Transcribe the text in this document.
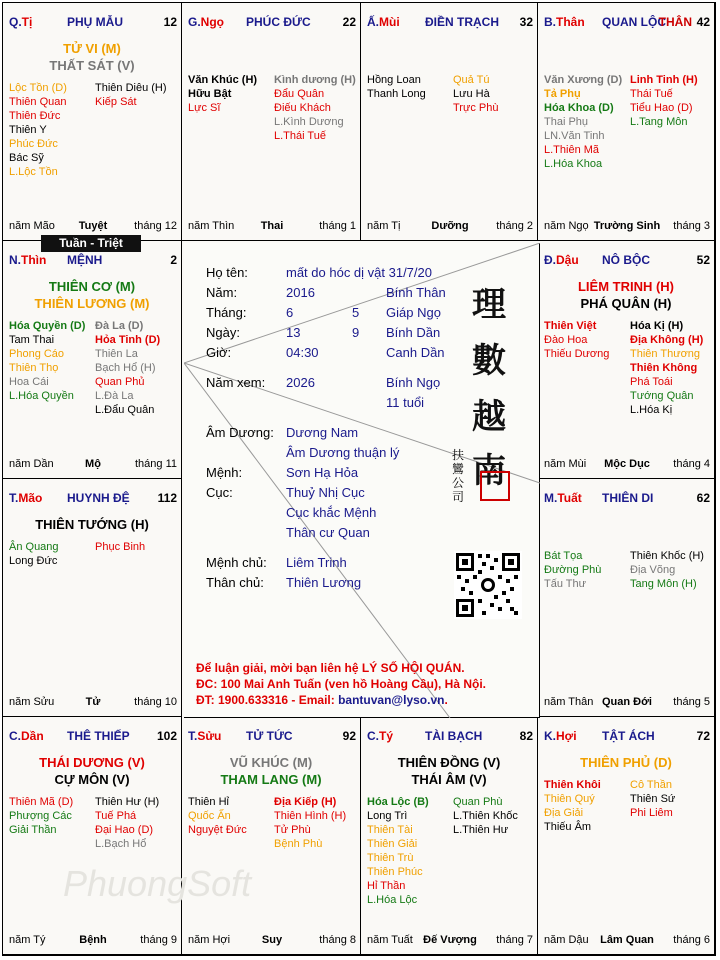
Q.Tị	PHỤ MẪU	12
TỬ VI (M)
THẤT SÁT (V)
Lộc Tồn (D)
Thiên Quan
Thiên Đức
Thiên Y
Phúc Đức
Bác Sỹ
L.Lộc Tồn
Thiên Diêu (H)
Kiếp Sát
năm Mão	Tuyệt	tháng 12
G.Ngọ PHÚC ĐỨC	22
Văn Khúc (H)
Hữu Bật
Lực Sĩ
Kình dương (H)
Đẩu Quân
Điếu Khách
L.Kình Dương
L.Thái Tuế
năm Thìn	Thai	tháng 1
Ấ.Mùi ĐIỀN TRẠCH 32
Hồng Loan
Thanh Long
Quả Tú
Lưu Hà
Trực Phù
năm Tị	Dưỡng	tháng 2
B.Thân QUAN LỘC
THÂN 42
Văn Xương (D)
Tả Phụ
Hóa Khoa (D)
Thai Phụ
LN.Văn Tinh
L.Thiên Mã
L.Hóa Khoa
Linh Tinh (H)
Thái Tuế
Tiểu Hao (D)
L.Tang Môn
năm Ngọ Trường Sinh	tháng 3
N.Thìn MỆNH	2
THIÊN CƠ (M)
THIÊN LƯƠNG (M)
Hóa Quyền (D)
Tam Thai
Phong Cáo
Thiên Thọ
Hoa Cái
L.Hóa Quyền
Đà La (D)
Hỏa Tinh (D)
Thiên La
Bạch Hổ (H)
Quan Phủ
L.Đà La
L.Đẩu Quân
năm Dần	Mộ	tháng 11
Đ.Dậu NÔ BỘC	52
LIÊM TRINH (H)
PHÁ QUÂN (H)
Thiên Việt
Đào Hoa
Thiếu Dương
Hóa Kị (H)
Địa Không (H)
Thiên Thương
Thiên Không
Phá Toái
Tướng Quân
L.Hóa Kị
năm Mùi	Mộc Dục	tháng 4
T.Mão HUYNH ĐỆ 112
THIÊN TƯỚNG (H)
Ân Quang
Long Đức
Phục Binh
năm Sửu	Tử	tháng 10
M.Tuất THIÊN DI	62
Bát Tọa
Đường Phù
Tấu Thư
Thiên Khốc (H)
Địa Võng
Tang Môn (H)
năm Thân Quan Đới	tháng 5
C.Dần THÊ THIẾP 102
THÁI DƯƠNG (V)
CỰ MÔN (V)
Thiên Mã (D)
Phượng Các
Giải Thần
Thiên Hư (H)
Tuế Phá
Đại Hao (D)
L.Bạch Hổ
năm Tý	Bệnh	tháng 9
T.Sửu TỬ TỨC	92
VŨ KHÚC (M)
THAM LANG (M)
Thiên Hỉ
Quốc Ấn
Nguyệt Đức
Địa Kiếp (H)
Thiên Hình (H)
Tử Phù
Bệnh Phù
năm Hợi	Suy	tháng 8
C.Tý	TÀI BẠCH	82
THIÊN ĐỒNG (V)
THÁI ÂM (V)
Hóa Lộc (B)
Long Trì
Thiên Tài
Thiên Giải
Thiên Trù
Thiên Phúc
Hỉ Thần
L.Hóa Lộc
Quan Phù
L.Thiên Khốc
L.Thiên Hư
năm Tuất Đế Vượng	tháng 7
K.Hợi TẬT ÁCH	72
THIÊN PHỦ (D)
Thiên Khôi
Thiên Quý
Địa Giải
Thiếu Âm
Cô Thần
Thiên Sứ
Phi Liêm
năm Dậu	Lâm Quan	tháng 6
Tuần - Triệt
Họ tên:	mất do hóc dị vật 31/7/20
Năm:	2016	Bính Thân
Tháng:	6	5 Giáp Ngọ
Ngày:	13	9 Bính Dần
Giờ:	04:30	Canh Dần
Năm xem: 2026	Bính Ngọ
11 tuổi
Âm Dương: Dương Nam
Âm Dương thuận lý
Mệnh:	Sơn Hạ Hỏa
Cục:	Thuỷ Nhị Cục
Cục khắc Mệnh
Thân cư Quan
Mệnh chủ: Liêm Trinh
Thân chủ: Thiên Lương
理
數
越
南
扶鸞公司
Để luận giải, mời bạn liên hệ LÝ SỐ HỘI QUÁN.
ĐC: 100 Mai Anh Tuấn (ven hồ Hoàng Cầu), Hà Nội.
ĐT: 1900.633316 - Email: bantuvan@lyso.vn.
PhuongSoft
